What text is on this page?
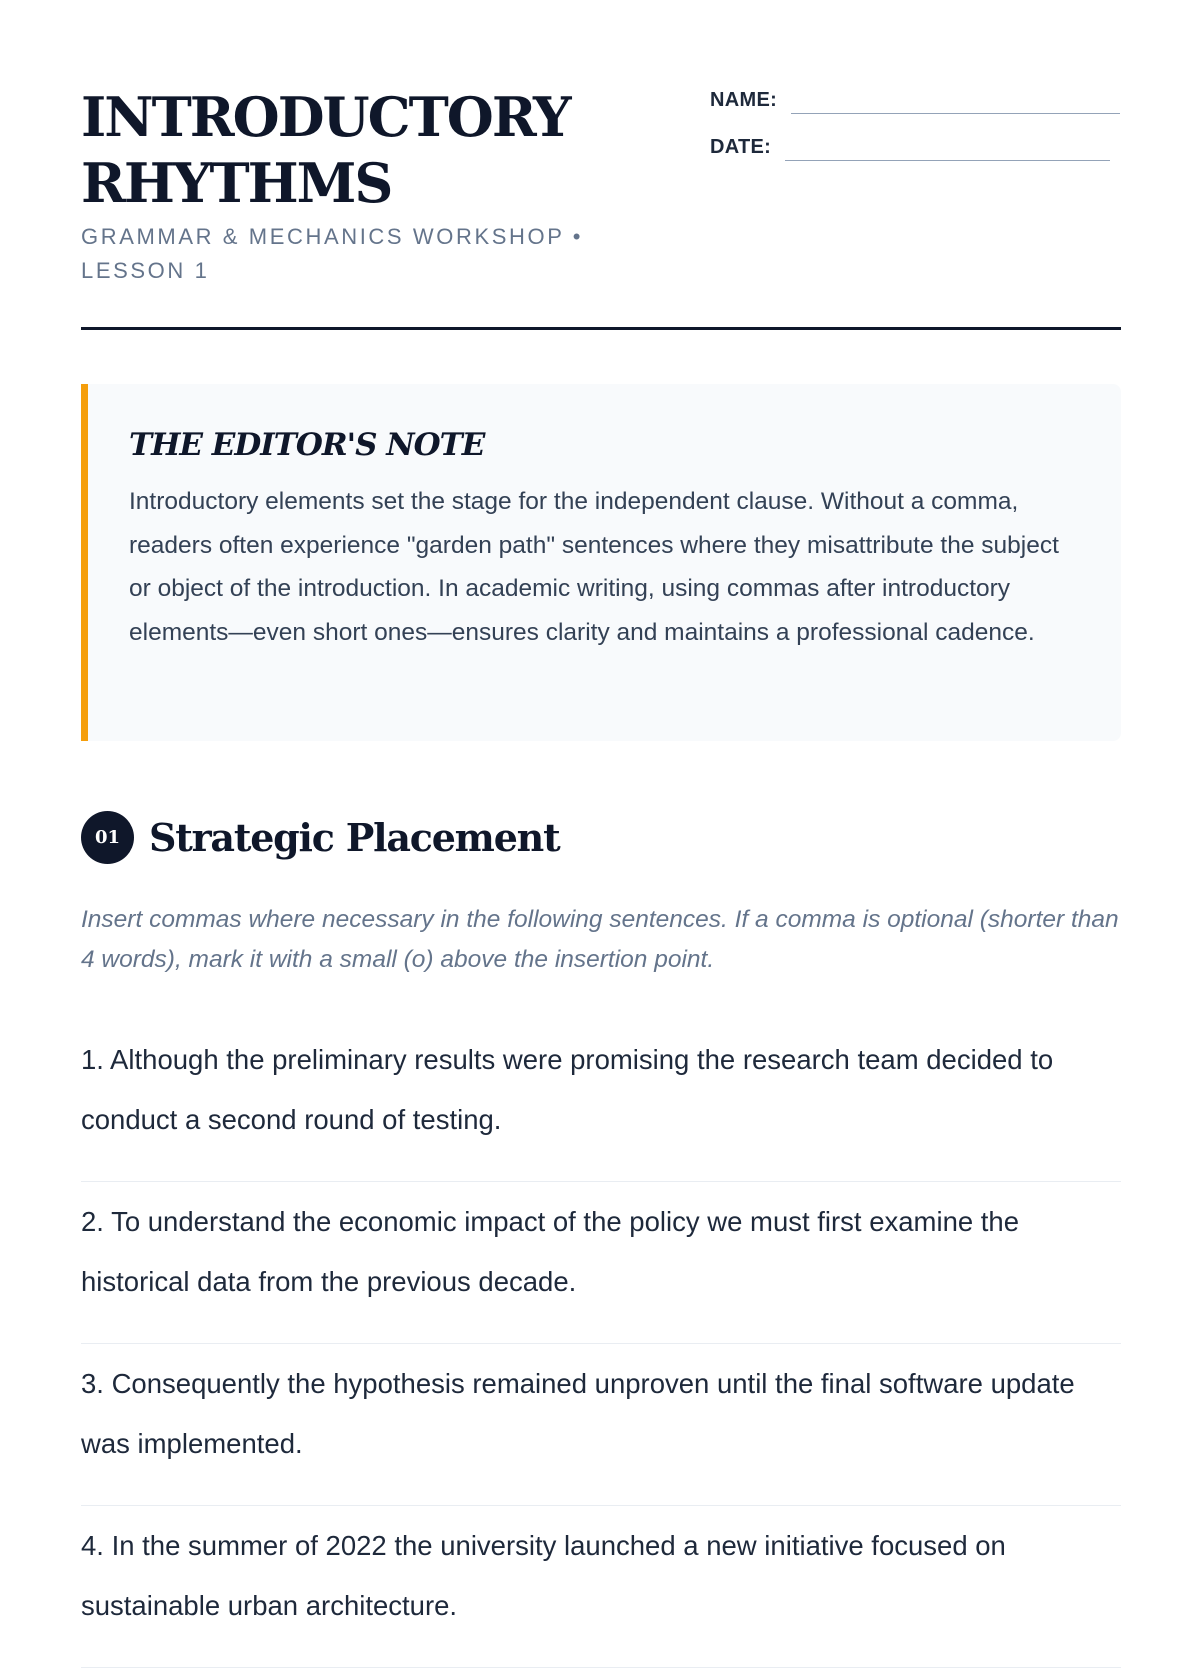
INTRODUCTORY
RHYTHMS
GRAMMAR & MECHANICS WORKSHOP •
LESSON 1
NAME:
DATE:
THE EDITOR'S NOTE

Introductory elements set the stage for the independent clause. Without a comma, readers often experience "garden path" sentences where they misattribute the subject or object of the introduction. In academic writing, using commas after introductory elements—even short ones—ensures clarity and maintains a professional cadence.

01 Strategic Placement

Insert commas where necessary in the following sentences. If a comma is optional (shorter than 4 words), mark it with a small (o) above the insertion point.

1. Although the preliminary results were promising the research team decided to conduct a second round of testing.

2. To understand the economic impact of the policy we must first examine the historical data from the previous decade.

3. Consequently the hypothesis remained unproven until the final software update was implemented.

4. In the summer of 2022 the university launched a new initiative focused on sustainable urban architecture.
